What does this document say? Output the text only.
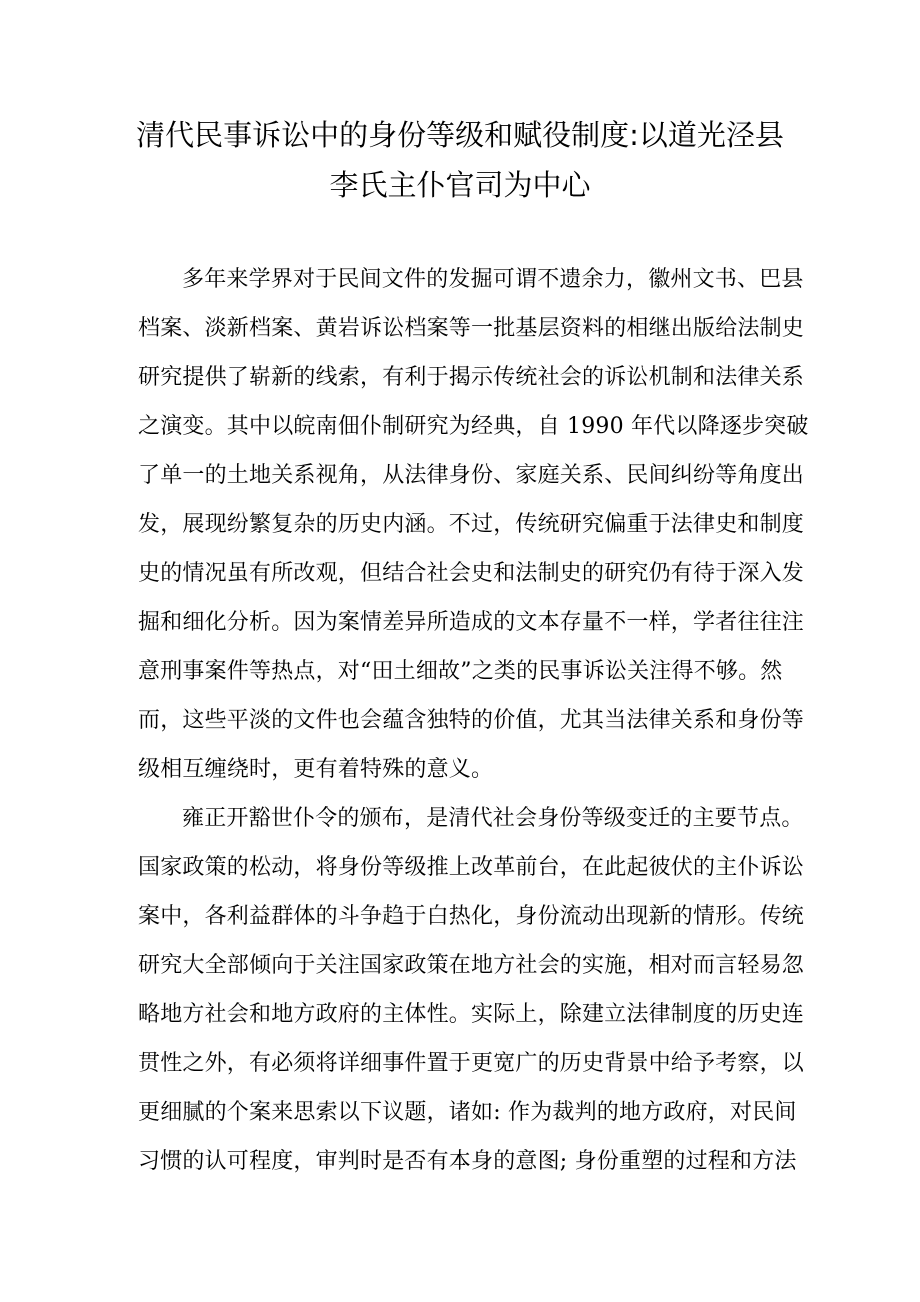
清代民事诉讼中的身份等级和赋役制度:以道光泾县
李氏主仆官司为中心
多年来学界对于民间文件的发掘可谓不遗余力，徽州文书、巴县
档案、淡新档案、黄岩诉讼档案等一批基层资料的相继出版给法制史
研究提供了崭新的线索，有利于揭示传统社会的诉讼机制和法律关系
之演变。其中以皖南佃仆制研究为经典，自 1990 年代以降逐步突破
了单一的土地关系视角，从法律身份、家庭关系、民间纠纷等角度出
发，展现纷繁复杂的历史内涵。不过，传统研究偏重于法律史和制度
史的情况虽有所改观，但结合社会史和法制史的研究仍有待于深入发
掘和细化分析。因为案情差异所造成的文本存量不一样，学者往往注
意刑事案件等热点，对“田土细故”之类的民事诉讼关注得不够。然
而，这些平淡的文件也会蕴含独特的价值，尤其当法律关系和身份等
级相互缠绕时，更有着特殊的意义。
雍正开豁世仆令的颁布，是清代社会身份等级变迁的主要节点。
国家政策的松动，将身份等级推上改革前台，在此起彼伏的主仆诉讼
案中，各利益群体的斗争趋于白热化，身份流动出现新的情形。传统
研究大全部倾向于关注国家政策在地方社会的实施，相对而言轻易忽
略地方社会和地方政府的主体性。实际上，除建立法律制度的历史连
贯性之外，有必须将详细事件置于更宽广的历史背景中给予考察，以
更细腻的个案来思索以下议题，诸如: 作为裁判的地方政府，对民间
习惯的认可程度，审判时是否有本身的意图; 身份重塑的过程和方法
